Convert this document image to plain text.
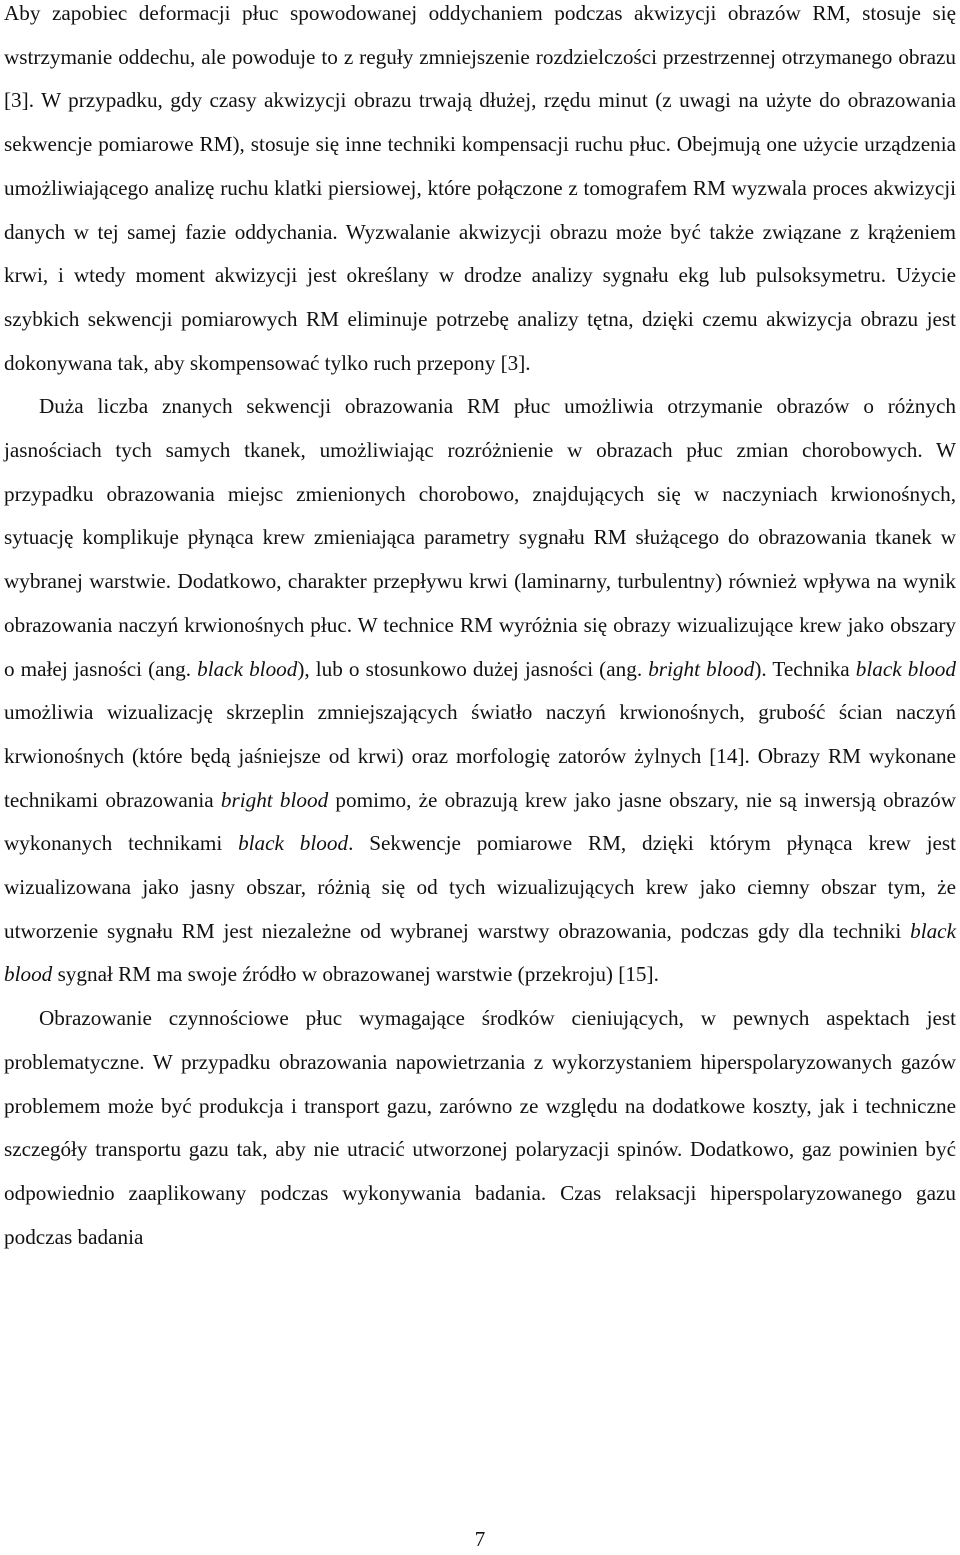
Aby zapobiec deformacji płuc spowodowanej oddychaniem podczas akwizycji obrazów RM, stosuje się wstrzymanie oddechu, ale powoduje to z reguły zmniejszenie rozdzielczości przestrzennej otrzymanego obrazu [3]. W przypadku, gdy czasy akwizycji obrazu trwają dłużej, rzędu minut (z uwagi na użyte do obrazowania sekwencje pomiarowe RM), stosuje się inne techniki kompensacji ruchu płuc. Obejmują one użycie urządzenia umożliwiającego analizę ruchu klatki piersiowej, które połączone z tomografem RM wyzwala proces akwizycji danych w tej samej fazie oddychania. Wyzwalanie akwizycji obrazu może być także związane z krążeniem krwi, i wtedy moment akwizycji jest określany w drodze analizy sygnału ekg lub pulsoksymetru. Użycie szybkich sekwencji pomiarowych RM eliminuje potrzebę analizy tętna, dzięki czemu akwizycja obrazu jest dokonywana tak, aby skompensować tylko ruch przepony [3].

Duża liczba znanych sekwencji obrazowania RM płuc umożliwia otrzymanie obrazów o różnych jasnościach tych samych tkanek, umożliwiając rozróżnienie w obrazach płuc zmian chorobowych. W przypadku obrazowania miejsc zmienionych chorobowo, znajdujących się w naczyniach krwionośnych, sytuację komplikuje płynąca krew zmieniająca parametry sygnału RM służącego do obrazowania tkanek w wybranej warstwie. Dodatkowo, charakter przepływu krwi (laminarny, turbulentny) również wpływa na wynik obrazowania naczyń krwionośnych płuc. W technice RM wyróżnia się obrazy wizualizujące krew jako obszary o małej jasności (ang. black blood), lub o stosunkowo dużej jasności (ang. bright blood). Technika black blood umożliwia wizualizację skrzeplin zmniejszających światło naczyń krwionośnych, grubość ścian naczyń krwionośnych (które będą jaśniejsze od krwi) oraz morfologię zatorów żylnych [14]. Obrazy RM wykonane technikami obrazowania bright blood pomimo, że obrazują krew jako jasne obszary, nie są inwersją obrazów wykonanych technikami black blood. Sekwencje pomiarowe RM, dzięki którym płynąca krew jest wizualizowana jako jasny obszar, różnią się od tych wizualizujących krew jako ciemny obszar tym, że utworzenie sygnału RM jest niezależne od wybranej warstwy obrazowania, podczas gdy dla techniki black blood sygnał RM ma swoje źródło w obrazowanej warstwie (przekroju) [15].

Obrazowanie czynnościowe płuc wymagające środków cieniujących, w pewnych aspektach jest problematyczne. W przypadku obrazowania napowietrzania z wykorzystaniem hiperspolaryzowanych gazów problemem może być produkcja i transport gazu, zarówno ze względu na dodatkowe koszty, jak i techniczne szczegóły transportu gazu tak, aby nie utracić utworzonej polaryzacji spinów. Dodatkowo, gaz powinien być odpowiednio zaaplikowany podczas wykonywania badania. Czas relaksacji hiperspolaryzowanego gazu podczas badania

7
